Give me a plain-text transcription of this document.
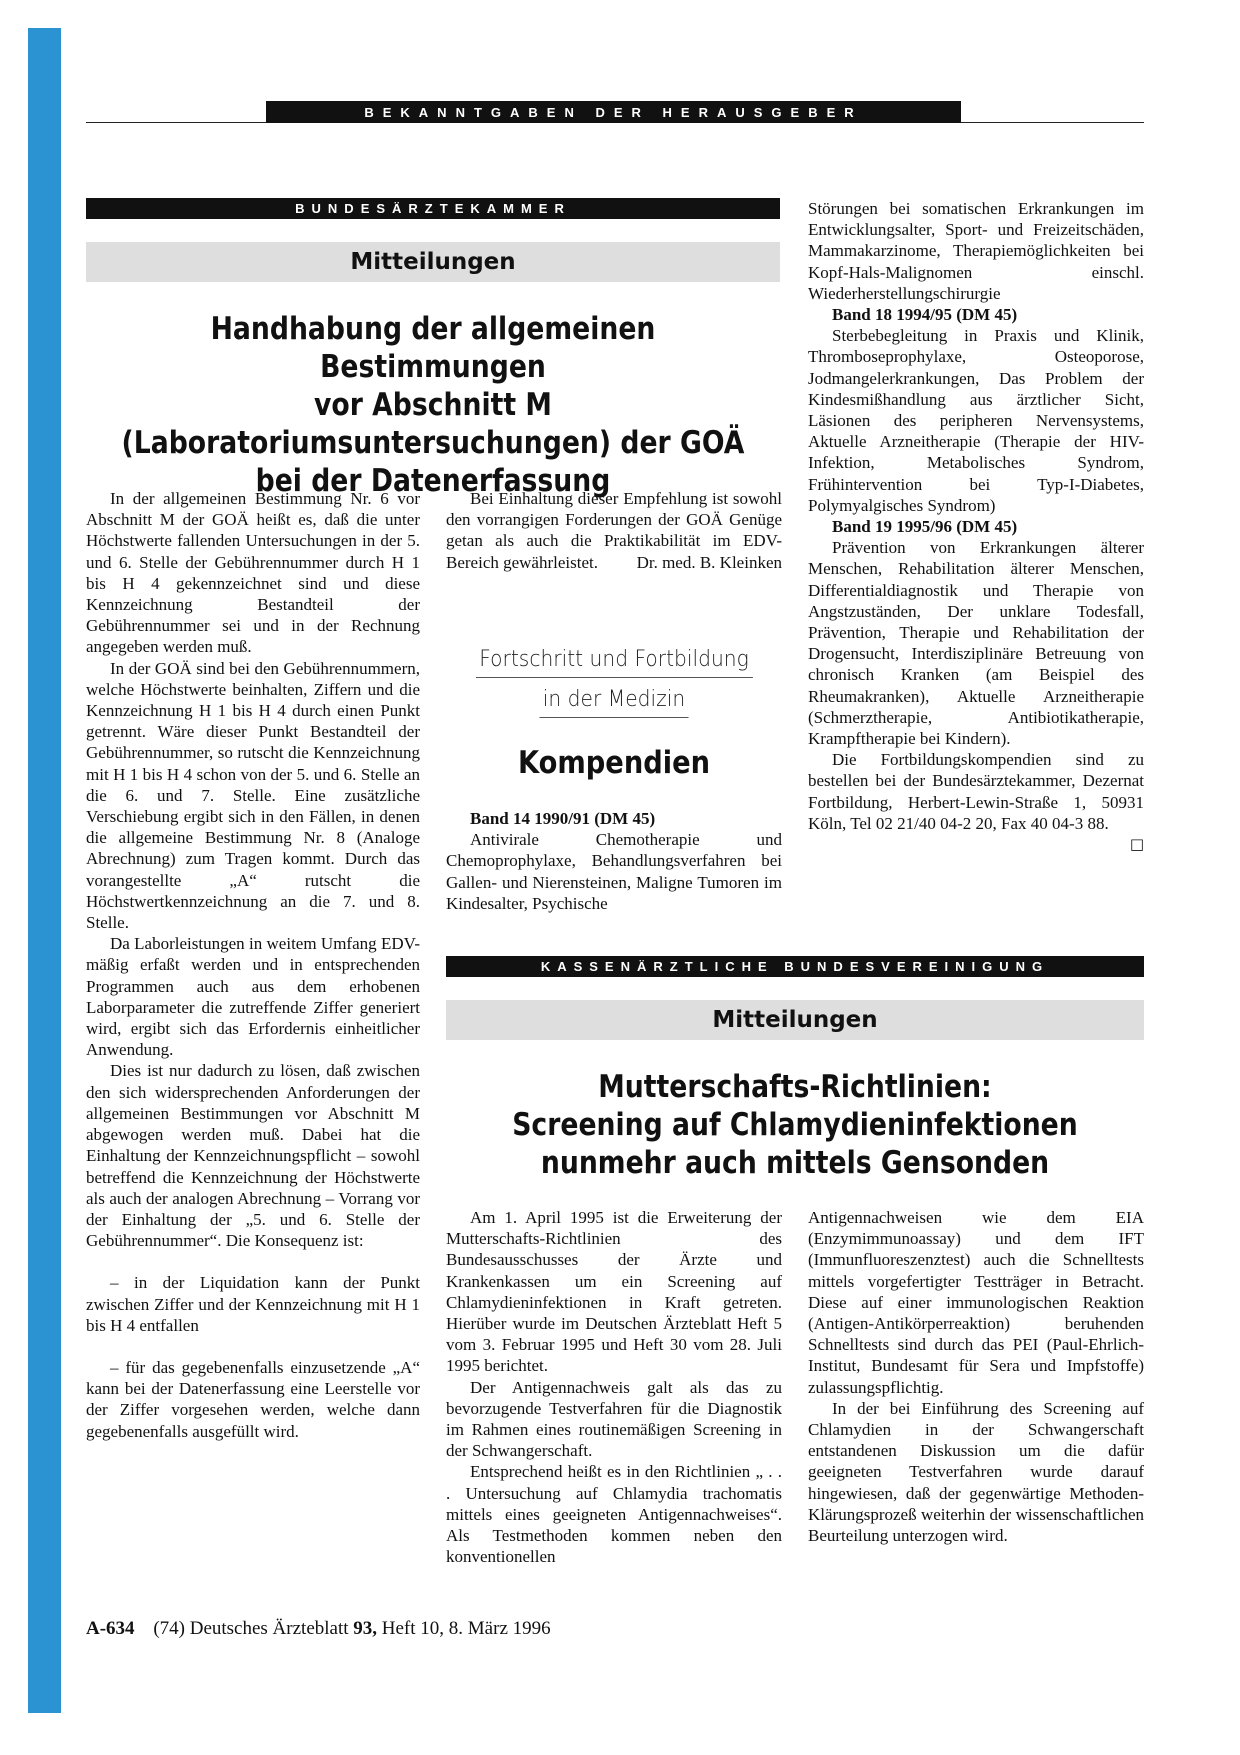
BEKANNTGABEN DER HERAUSGEBER
BUNDESÄRZTEKAMMER
Mitteilungen
Handhabung der allgemeinen Bestimmungen
vor Abschnitt M
(Laboratoriumsuntersuchungen) der GOÄ
bei der Datenerfassung

In der allgemeinen Bestimmung Nr. 6 vor Abschnitt M der GOÄ heißt es, daß die unter Höchstwerte fallenden Untersuchungen in der 5. und 6. Stelle der Gebührennummer durch H 1 bis H 4 gekennzeichnet sind und diese Kennzeichnung Bestandteil der Gebührennummer sei und in der Rechnung angegeben werden muß.

In der GOÄ sind bei den Gebührennummern, welche Höchstwerte beinhalten, Ziffern und die Kennzeichnung H 1 bis H 4 durch einen Punkt getrennt. Wäre dieser Punkt Bestandteil der Gebührennummer, so rutscht die Kennzeichnung mit H 1 bis H 4 schon von der 5. und 6. Stelle an die 6. und 7. Stelle. Eine zusätzliche Verschiebung ergibt sich in den Fällen, in denen die allgemeine Bestimmung Nr. 8 (Analoge Abrechnung) zum Tragen kommt. Durch das vorangestellte „A“ rutscht die Höchstwertkennzeichnung an die 7. und 8. Stelle.

Da Laborleistungen in weitem Umfang EDV-mäßig erfaßt werden und in entsprechenden Programmen auch aus dem erhobenen Laborparameter die zutreffende Ziffer generiert wird, ergibt sich das Erfordernis einheitlicher Anwendung.

Dies ist nur dadurch zu lösen, daß zwischen den sich widersprechenden Anforderungen der allgemeinen Bestimmungen vor Abschnitt M abgewogen werden muß. Dabei hat die Einhaltung der Kennzeichnungspflicht – sowohl betreffend die Kennzeichnung der Höchstwerte als auch der analogen Abrechnung – Vorrang vor der Einhaltung der „5. und 6. Stelle der Gebührennummer“. Die Konsequenz ist:

– in der Liquidation kann der Punkt zwischen Ziffer und der Kennzeichnung mit H 1 bis H 4 entfallen

– für das gegebenenfalls einzusetzende „A“ kann bei der Datenerfassung eine Leerstelle vor der Ziffer vorgesehen werden, welche dann gegebenenfalls ausgefüllt wird.

Bei Einhaltung dieser Empfehlung ist sowohl den vorrangigen Forderungen der GOÄ Genüge getan als auch die Praktikabilität im EDV-Bereich gewährleistet.	Dr. med. B. Kleinken

Fortschritt und Fortbildung
in der Medizin
Kompendien

Band 14 1990/91 (DM 45)

Antivirale Chemotherapie und Chemoprophylaxe, Behandlungsverfahren bei Gallen- und Nierensteinen, Maligne Tumoren im Kindesalter, Psychische

Störungen bei somatischen Erkrankungen im Entwicklungsalter, Sport- und Freizeitschäden, Mammakarzinome, Therapiemöglichkeiten bei Kopf-Hals-Malignomen einschl. Wiederherstellungschirurgie

Band 18 1994/95 (DM 45)

Sterbebegleitung in Praxis und Klinik, Thromboseprophylaxe, Osteoporose, Jodmangelerkrankungen, Das Problem der Kindesmißhandlung aus ärztlicher Sicht, Läsionen des peripheren Nervensystems, Aktuelle Arzneitherapie (Therapie der HIV-Infektion, Metabolisches Syndrom, Frühintervention bei Typ-I-Diabetes, Polymyalgisches Syndrom)

Band 19 1995/96 (DM 45)

Prävention von Erkrankungen älterer Menschen, Rehabilitation älterer Menschen, Differentialdiagnostik und Therapie von Angstzuständen, Der unklare Todesfall, Prävention, Therapie und Rehabilitation der Drogensucht, Interdisziplinäre Betreuung von chronisch Kranken (am Beispiel des Rheumakranken), Aktuelle Arzneitherapie (Schmerztherapie, Antibiotikatherapie, Krampftherapie bei Kindern).

Die Fortbildungskompendien sind zu bestellen bei der Bundesärztekammer, Dezernat Fortbildung, Herbert-Lewin-Straße 1, 50931 Köln, Tel 02 21/40 04-2 20, Fax 40 04-3 88.
□

KASSENÄRZTLICHE BUNDESVEREINIGUNG
Mitteilungen
Mutterschafts-Richtlinien:
Screening auf Chlamydieninfektionen
nunmehr auch mittels Gensonden

Am 1. April 1995 ist die Erweiterung der Mutterschafts-Richtlinien des Bundesausschusses der Ärzte und Krankenkassen um ein Screening auf Chlamydieninfektionen in Kraft getreten. Hierüber wurde im Deutschen Ärzteblatt Heft 5 vom 3. Februar 1995 und Heft 30 vom 28. Juli 1995 berichtet.

Der Antigennachweis galt als das zu bevorzugende Testverfahren für die Diagnostik im Rahmen eines routinemäßigen Screening in der Schwangerschaft.

Entsprechend heißt es in den Richtlinien „ . . . Untersuchung auf Chlamydia trachomatis mittels eines geeigneten Antigennachweises“. Als Testmethoden kommen neben den konventionellen

Antigennachweisen wie dem EIA (Enzymimmunoassay) und dem IFT (Immunfluoreszenztest) auch die Schnelltests mittels vorgefertigter Testträger in Betracht. Diese auf einer immunologischen Reaktion (Antigen-Antikörperreaktion) beruhenden Schnelltests sind durch das PEI (Paul-Ehrlich-Institut, Bundesamt für Sera und Impfstoffe) zulassungspflichtig.

In der bei Einführung des Screening auf Chlamydien in der Schwangerschaft entstandenen Diskussion um die dafür geeigneten Testverfahren wurde darauf hingewiesen, daß der gegenwärtige Methoden-Klärungsprozeß weiterhin der wissenschaftlichen Beurteilung unterzogen wird.

A-634 (74) Deutsches Ärzteblatt 93, Heft 10, 8. März 1996
